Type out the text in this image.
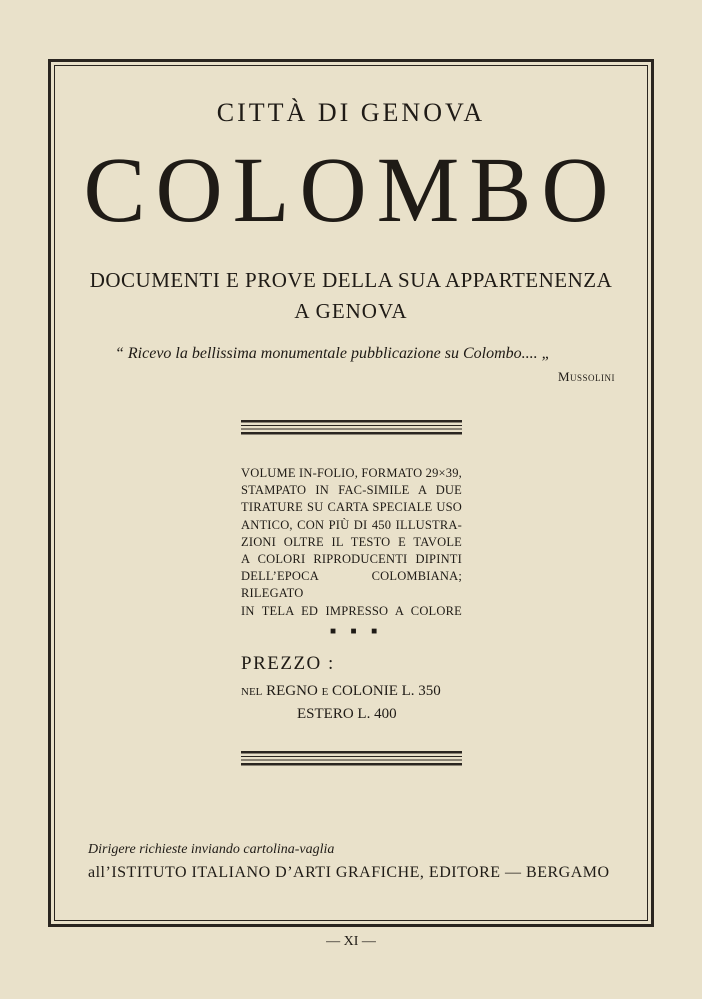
CITTÀ DI GENOVA
COLOMBO
DOCUMENTI E PROVE DELLA SUA APPARTENENZA
A GENOVA
“ Ricevo la bellissima monumentale pubblicazione su Colombo.... „
Mussolini
VOLUME IN-FOLIO, FORMATO 29×39,
STAMPATO IN FAC-SIMILE A DUE
TIRATURE SU CARTA SPECIALE USO
ANTICO, CON PIÙ DI 450 ILLUSTRA-
ZIONI OLTRE IL TESTO E TAVOLE
A COLORI RIPRODUCENTI DIPINTI
DELL’EPOCA COLOMBIANA; RILEGATO
IN TELA ED IMPRESSO A COLORE
■ ■ ■
PREZZO :
NEL REGNO E COLONIE L. 350
ESTERO L. 400
Dirigere richieste inviando cartolina-vaglia
all’ISTITUTO ITALIANO D’ARTI GRAFICHE, EDITORE — BERGAMO
— XI —
